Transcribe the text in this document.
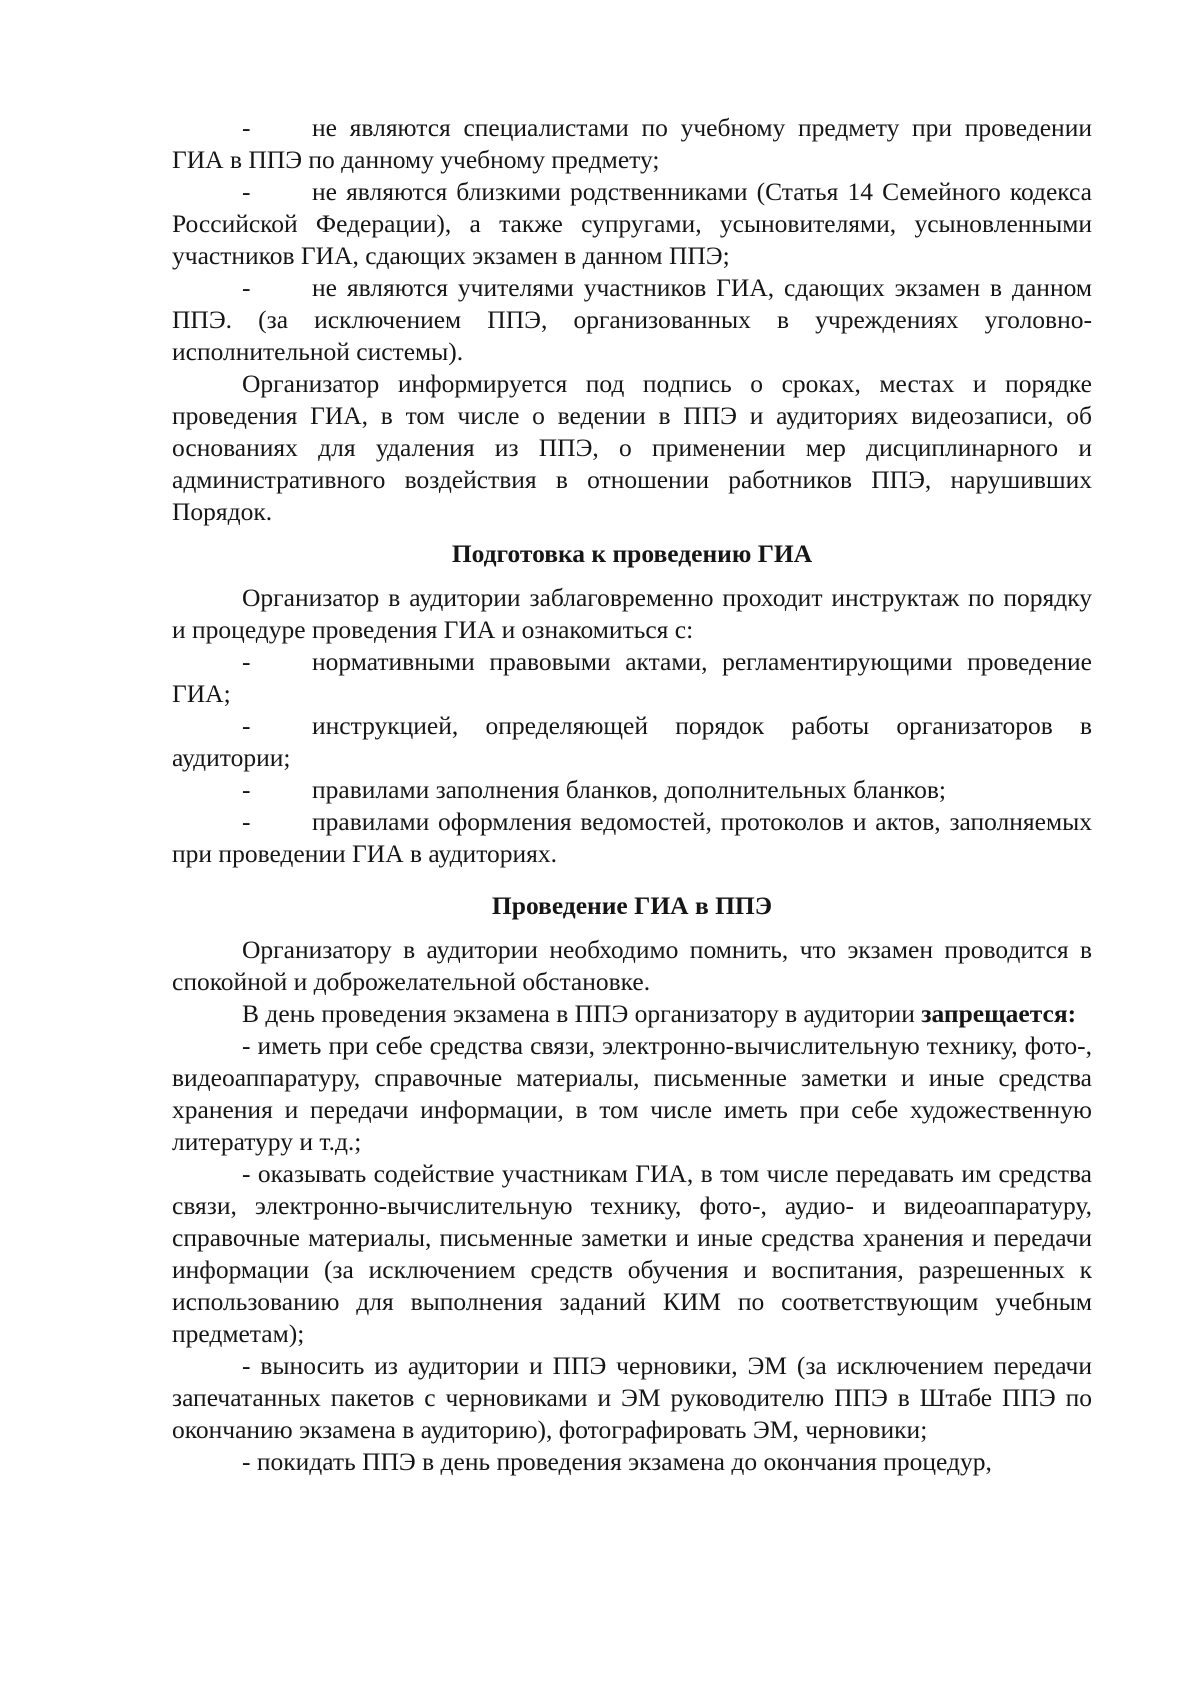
- не являются специалистами по учебному предмету при проведении ГИА в ППЭ по данному учебному предмету;

- не являются близкими родственниками (Статья 14 Семейного кодекса Российской Федерации), а также супругами, усыновителями, усыновленными участников ГИА, сдающих экзамен в данном ППЭ;

- не являются учителями участников ГИА, сдающих экзамен в данном ППЭ. (за исключением ППЭ, организованных в учреждениях уголовно-исполнительной системы).

Организатор информируется под подпись о сроках, местах и порядке проведения ГИА, в том числе о ведении в ППЭ и аудиториях видеозаписи, об основаниях для удаления из ППЭ, о применении мер дисциплинарного и административного воздействия в отношении работников ППЭ, нарушивших Порядок.

Подготовка к проведению ГИА

Организатор в аудитории заблаговременно проходит инструктаж по порядку и процедуре проведения ГИА и ознакомиться с:

- нормативными правовыми актами, регламентирующими проведение ГИА;

- инструкцией, определяющей порядок работы организаторов в аудитории;

- правилами заполнения бланков, дополнительных бланков;

- правилами оформления ведомостей, протоколов и актов, заполняемых при проведении ГИА в аудиториях.

Проведение ГИА в ППЭ

Организатору в аудитории необходимо помнить, что экзамен проводится в спокойной и доброжелательной обстановке.

В день проведения экзамена в ППЭ организатору в аудитории запрещается:

- иметь при себе средства связи, электронно-вычислительную технику, фото-, видеоаппаратуру, справочные материалы, письменные заметки и иные средства хранения и передачи информации, в том числе иметь при себе художественную литературу и т.д.;

- оказывать содействие участникам ГИА, в том числе передавать им средства связи, электронно-вычислительную технику, фото-, аудио- и видеоаппаратуру, справочные материалы, письменные заметки и иные средства хранения и передачи информации (за исключением средств обучения и воспитания, разрешенных к использованию для выполнения заданий КИМ по соответствующим учебным предметам);

- выносить из аудитории и ППЭ черновики, ЭМ (за исключением передачи запечатанных пакетов с черновиками и ЭМ руководителю ППЭ в Штабе ППЭ по окончанию экзамена в аудиторию), фотографировать ЭМ, черновики;

- покидать ППЭ в день проведения экзамена до окончания процедур,
